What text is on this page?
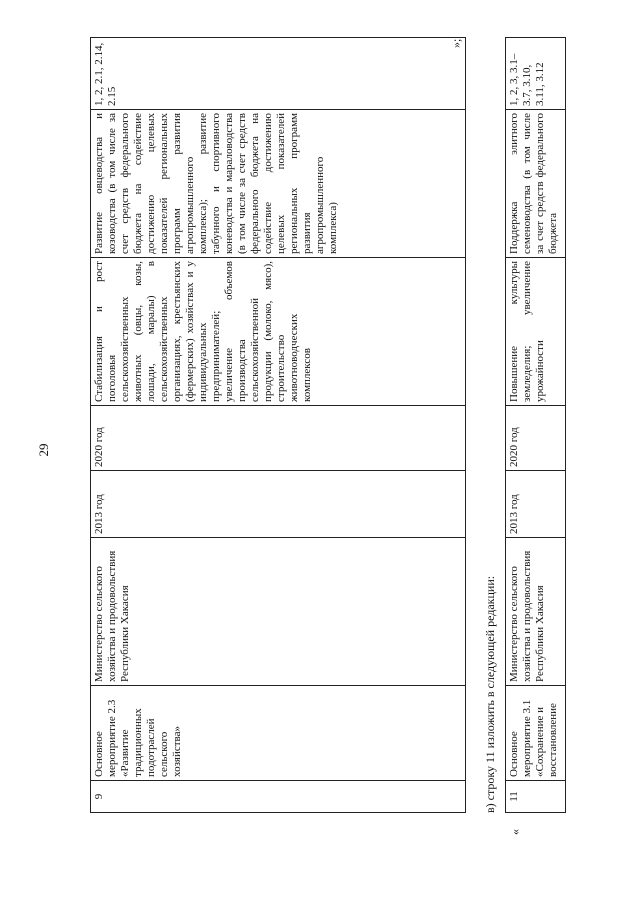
29
9	Основное мероприятие 2.3 «Развитие традиционных подотраслей сельского хозяйства»	Министерство сельского хозяйства и продовольствия Республики Хакасия	2013 год	2020 год	Стабилизация и рост поголовья сельскохозяйственных животных (овцы, козы, лошади, маралы) в сельскохозяйственных организациях, крестьянских (фермерских) хозяйствах и у индивидуальных предпринимателей; увеличение объемов производства сельскохозяйственной продукции (молоко, мясо), строительство животноводческих комплексов	Развитие овцеводства и козоводства (в том числе за счет средств федерального бюджета на содействие достижению целевых показателей региональных программ развития агропромышленного комплекса); развитие табунного и спортивного коневодства и мараловодства (в том числе за счет средств федерального бюджета на содействие достижению целевых показателей региональных программ развития агропромышленного комплекса)	1, 2, 2.1, 2.14, 2.15
»;
в) строку 11 изложить в следующей редакции:
«
11	Основное мероприятие 3.1 «Сохранение и восстановление	Министерство сельского хозяйства и продовольствия Республики Хакасия	2013 год	2020 год	Повышение культуры земледелия; увеличение урожайности	Поддержка элитного семеноводства (в том числе за счет средств федерального бюджета	1, 2, 3, 3.1–3.7, 3.10, 3.11, 3.12
